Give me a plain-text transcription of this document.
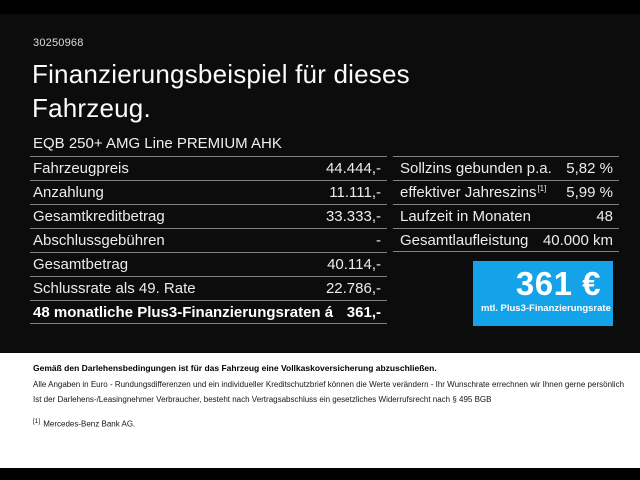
30250968
Finanzierungsbeispiel für dieses Fahrzeug.
EQB 250+ AMG Line PREMIUM AHK
Fahrzeugpreis	44.444,-
Anzahlung	11.111,-
Gesamtkreditbetrag	33.333,-
Abschlussgebühren	-
Gesamtbetrag	40.114,-
Schlussrate als 49. Rate	22.786,-
48 monatliche Plus3-Finanzierungsraten á 361,-
Sollzins gebunden p.a. 5,82 %
effektiver Jahreszins[1] 5,99 %
Laufzeit in Monaten	48
Gesamtlaufleistung 40.000 km
361 €
mtl. Plus3-Finanzierungsrate

Gemäß den Darlehensbedingungen ist für das Fahrzeug eine Vollkaskoversicherung abzuschließen.

Alle Angaben in Euro - Rundungsdifferenzen und ein individueller Kreditschutzbrief können die Werte verändern - Ihr Wunschrate errechnen wir Ihnen gerne persönlich

Ist der Darlehens-/Leasingnehmer Verbraucher, besteht nach Vertragsabschluss ein gesetzliches Widerrufsrecht nach § 495 BGB

[1] Mercedes-Benz Bank AG.
